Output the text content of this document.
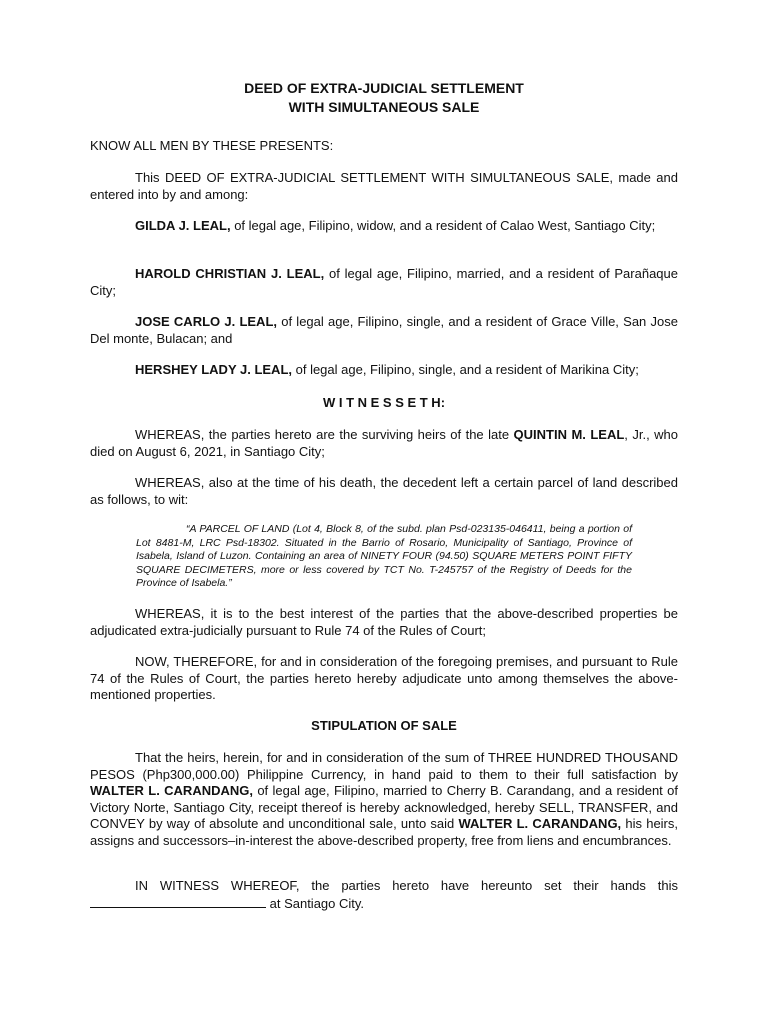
DEED OF EXTRA-JUDICIAL SETTLEMENT
WITH SIMULTANEOUS SALE

KNOW ALL MEN BY THESE PRESENTS:

This DEED OF EXTRA-JUDICIAL SETTLEMENT WITH SIMULTANEOUS SALE, made and entered into by and among:

GILDA J. LEAL, of legal age, Filipino, widow, and a resident of Calao West, Santiago City;

HAROLD CHRISTIAN J. LEAL, of legal age, Filipino, married, and a resident of Parañaque City;

JOSE CARLO J. LEAL, of legal age, Filipino, single, and a resident of Grace Ville, San Jose Del monte, Bulacan; and

HERSHEY LADY J. LEAL, of legal age, Filipino, single, and a resident of Marikina City;

W I T N E S S E T H:

WHEREAS, the parties hereto are the surviving heirs of the late QUINTIN M. LEAL, Jr., who died on August 6, 2021, in Santiago City;

WHEREAS, also at the time of his death, the decedent left a certain parcel of land described as follows, to wit:

“A PARCEL OF LAND (Lot 4, Block 8, of the subd. plan Psd-023135-046411, being a portion of Lot 8481-M, LRC Psd-18302. Situated in the Barrio of Rosario, Municipality of Santiago, Province of Isabela, Island of Luzon. Containing an area of NINETY FOUR (94.50) SQUARE METERS POINT FIFTY SQUARE DECIMETERS, more or less covered by TCT No. T-245757 of the Registry of Deeds for the Province of Isabela.”

WHEREAS, it is to the best interest of the parties that the above-described properties be adjudicated extra-judicially pursuant to Rule 74 of the Rules of Court;

NOW, THEREFORE, for and in consideration of the foregoing premises, and pursuant to Rule 74 of the Rules of Court, the parties hereto hereby adjudicate unto among themselves the above-mentioned properties.

STIPULATION OF SALE

That the heirs, herein, for and in consideration of the sum of THREE HUNDRED THOUSAND PESOS (Php300,000.00) Philippine Currency, in hand paid to them to their full satisfaction by WALTER L. CARANDANG, of legal age, Filipino, married to Cherry B. Carandang, and a resident of Victory Norte, Santiago City, receipt thereof is hereby acknowledged, hereby SELL, TRANSFER, and CONVEY by way of absolute and unconditional sale, unto said WALTER L. CARANDANG, his heirs, assigns and successors–in-interest the above-described property, free from liens and encumbrances.

IN WITNESS WHEREOF, the parties hereto have hereunto set their hands this at Santiago City.
